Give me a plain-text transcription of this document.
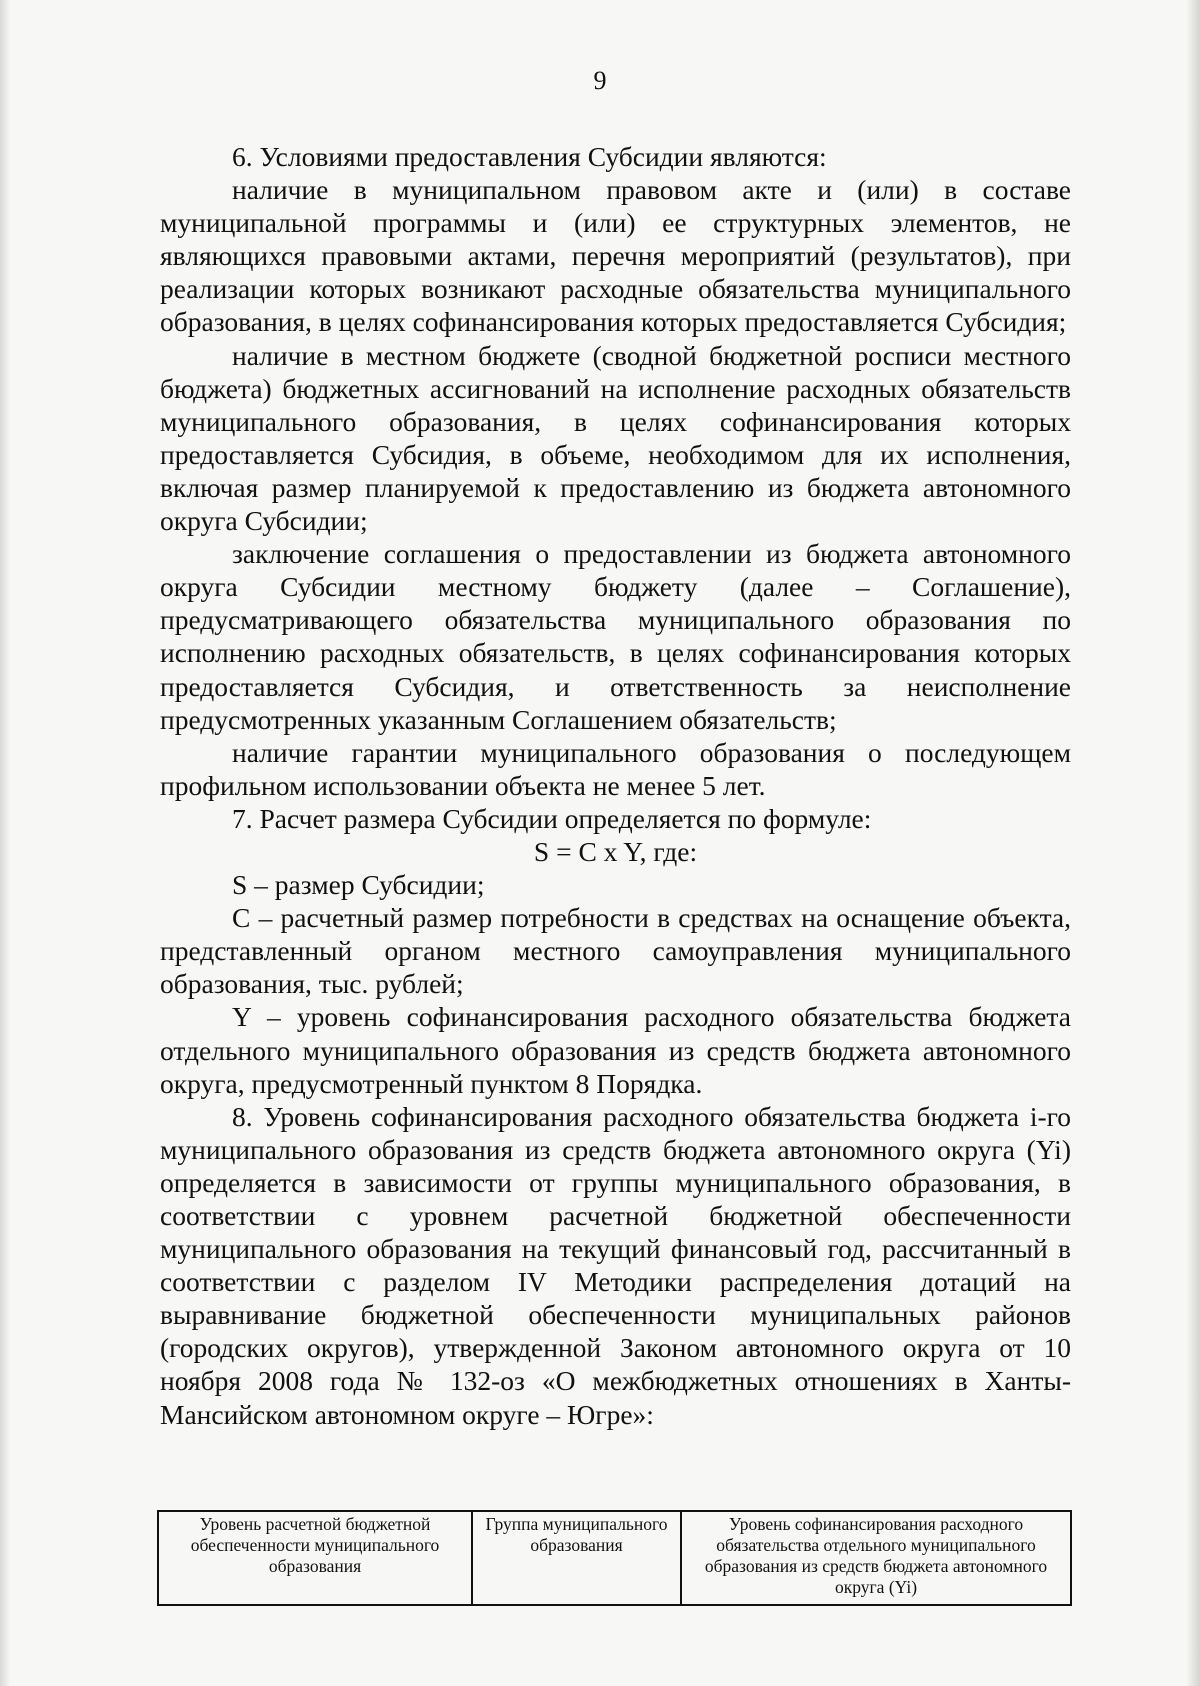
9

6. Условиями предоставления Субсидии являются:

наличие в муниципальном правовом акте и (или) в составе муниципальной программы и (или) ее структурных элементов, не являющихся правовыми актами, перечня мероприятий (результатов), при реализации которых возникают расходные обязательства муниципального образования, в целях софинансирования которых предоставляется Субсидия;

наличие в местном бюджете (сводной бюджетной росписи местного бюджета) бюджетных ассигнований на исполнение расходных обязательств муниципального образования, в целях софинансирования которых предоставляется Субсидия, в объеме, необходимом для их исполнения, включая размер планируемой к предоставлению из бюджета автономного округа Субсидии;

заключение соглашения о предоставлении из бюджета автономного округа Субсидии местному бюджету (далее – Соглашение), предусматривающего обязательства муниципального образования по исполнению расходных обязательств, в целях софинансирования которых предоставляется Субсидия, и ответственность за неисполнение предусмотренных указанным Соглашением обязательств;

наличие гарантии муниципального образования о последующем профильном использовании объекта не менее 5 лет.

7. Расчет размера Субсидии определяется по формуле:

S = C x Y, где:

S – размер Субсидии;

C – расчетный размер потребности в средствах на оснащение объекта, представленный органом местного самоуправления муниципального образования, тыс. рублей;

Y – уровень софинансирования расходного обязательства бюджета отдельного муниципального образования из средств бюджета автономного округа, предусмотренный пунктом 8 Порядка.

8. Уровень софинансирования расходного обязательства бюджета i-го муниципального образования из средств бюджета автономного округа (Yi) определяется в зависимости от группы муниципального образования, в соответствии с уровнем расчетной бюджетной обеспеченности муниципального образования на текущий финансовый год, рассчитанный в соответствии с разделом IV Методики распределения дотаций на выравнивание бюджетной обеспеченности муниципальных районов (городских округов), утвержденной Законом автономного округа от 10 ноября 2008 года № 132-оз «О межбюджетных отношениях в Ханты-Мансийском автономном округе – Югре»:

Уровень расчетной бюджетной обеспеченности муниципального образования	Группа муниципального образования	Уровень софинансирования расходного обязательства отдельного муниципального образования из средств бюджета автономного округа (Yi)
